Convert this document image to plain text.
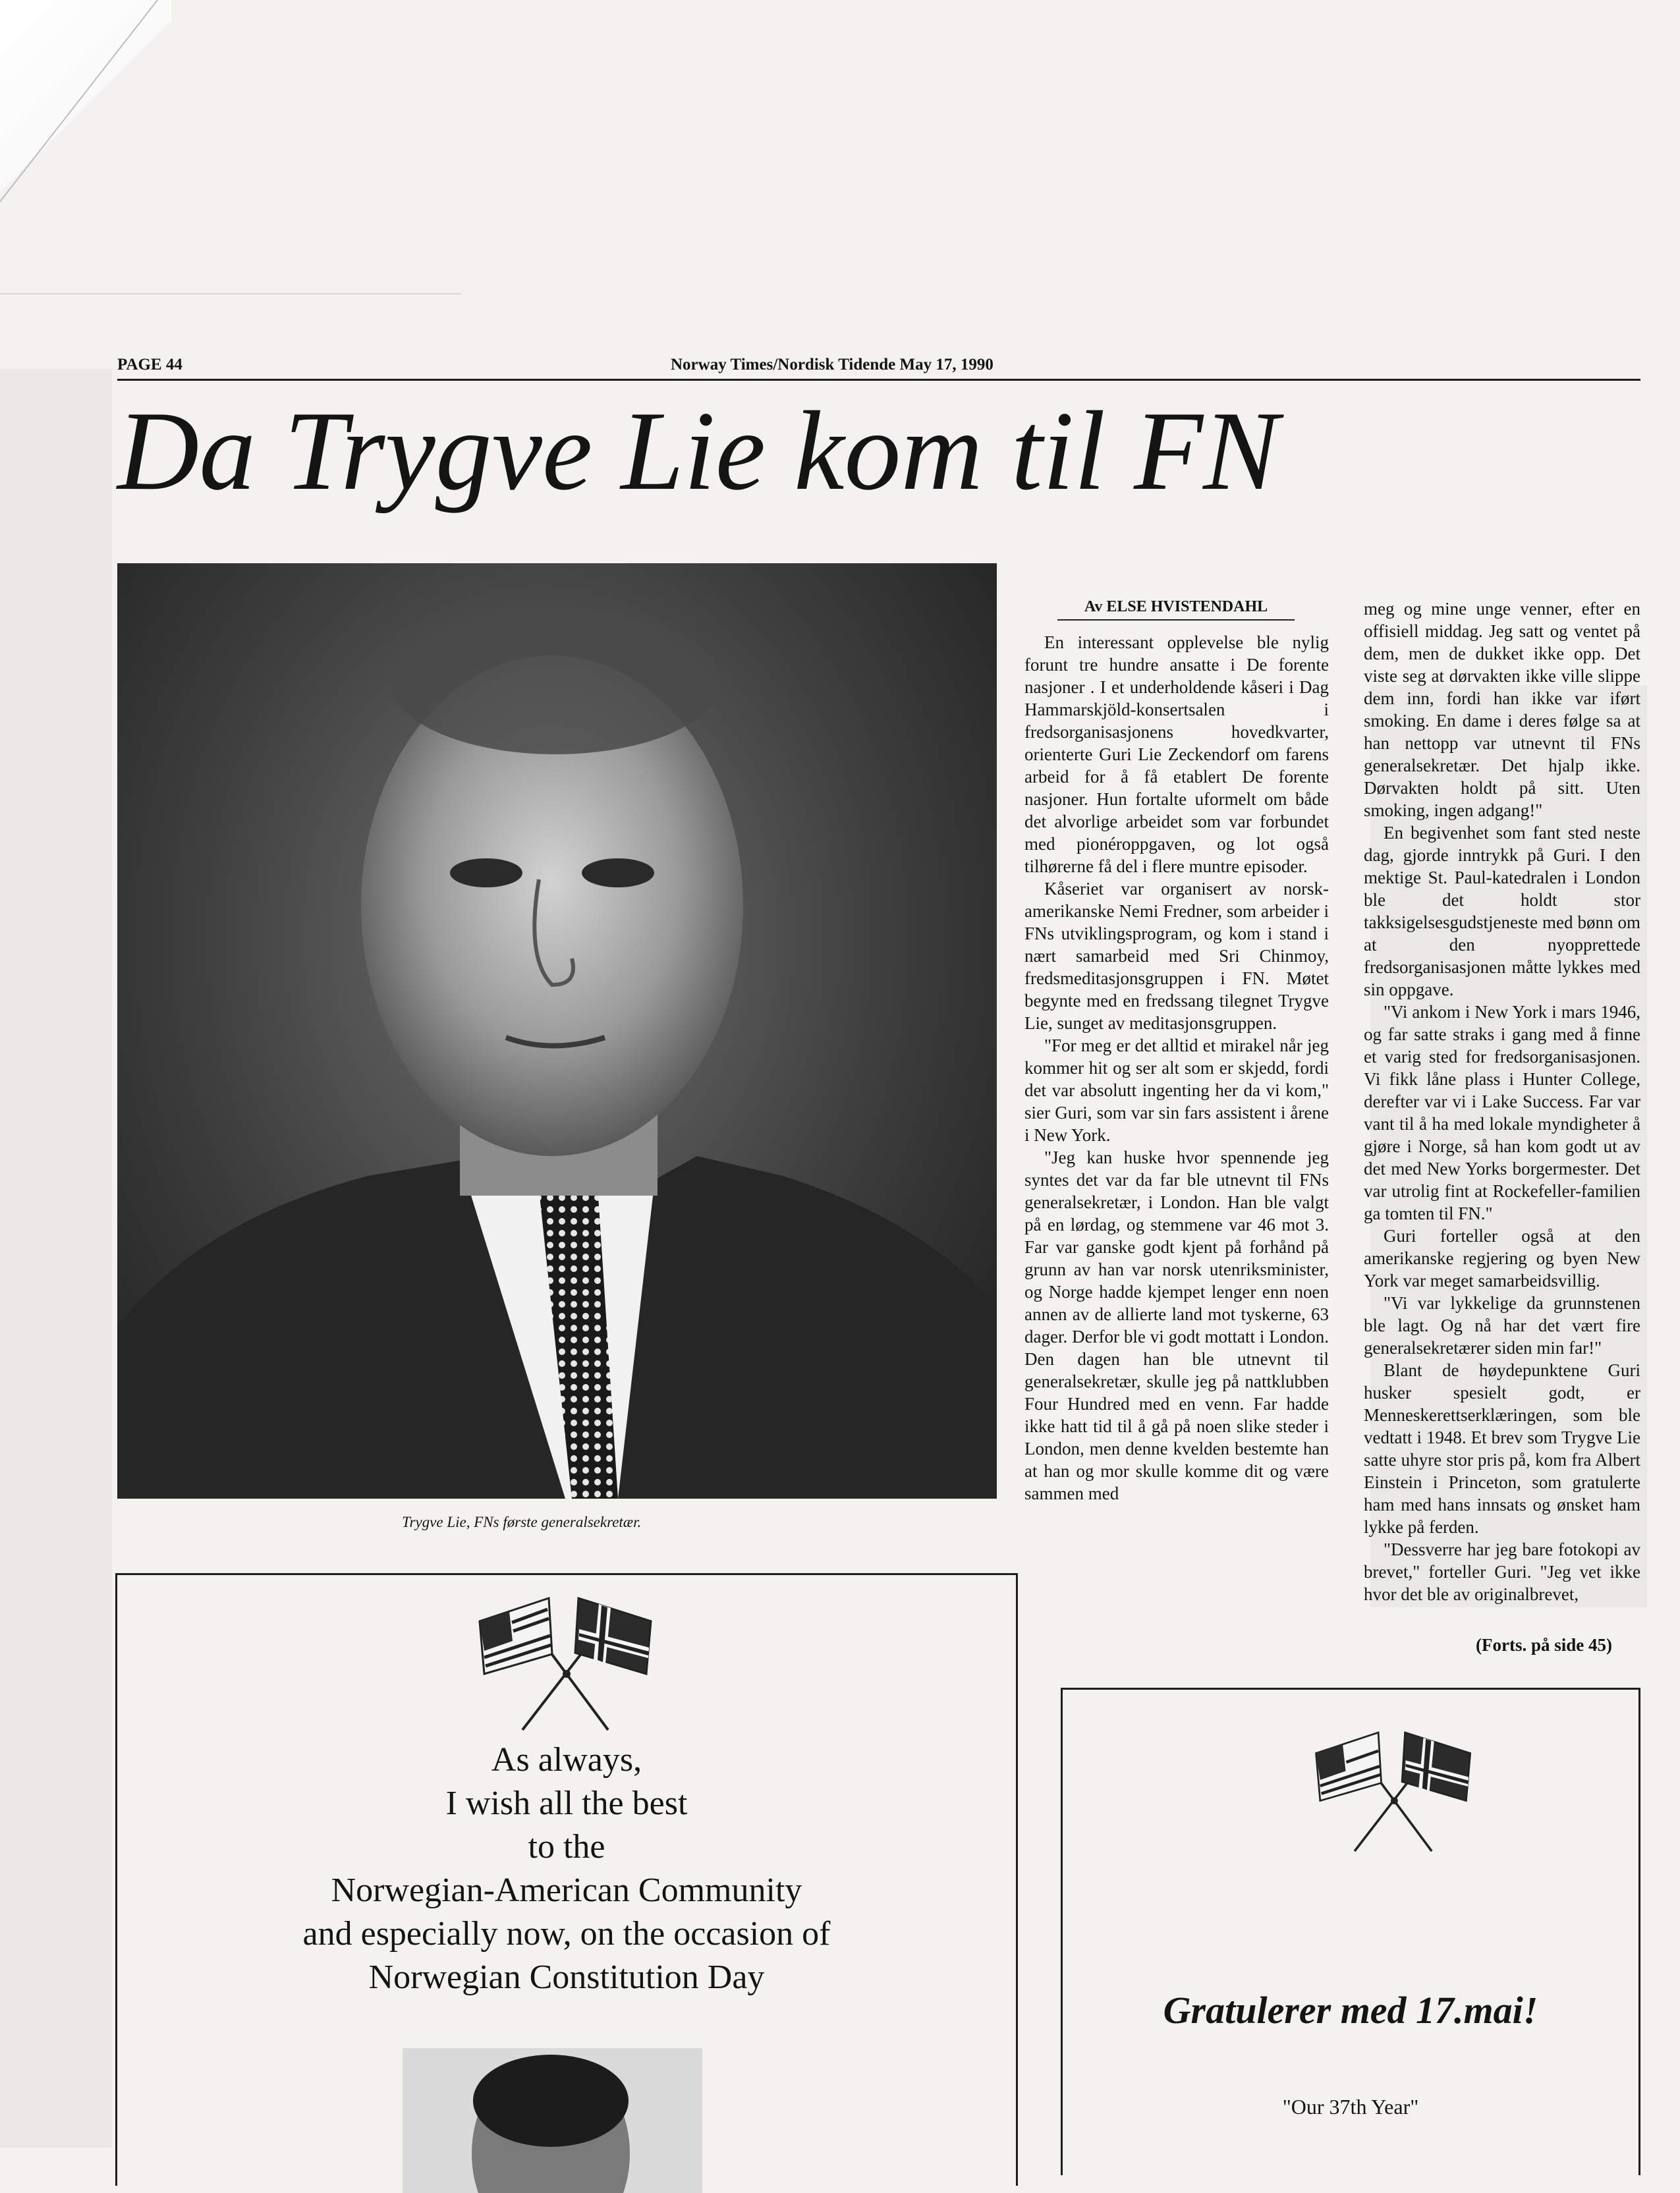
PAGE 44	Norway Times/Nordisk Tidende May 17, 1990
Da Trygve Lie kom til FN
Trygve Lie, FNs første generalsekretær.
Av ELSE HVISTENDAHL

En interessant opplevelse ble nylig forunt tre hundre ansatte i De forente nasjoner . I et underholdende kåseri i Dag Hammarskjöld-konsertsalen i fredsorganisasjonens hovedkvarter, orienterte Guri Lie Zeckendorf om farens arbeid for å få etablert De forente nasjoner. Hun fortalte uformelt om både det alvorlige arbeidet som var forbundet med pionéroppgaven, og lot også tilhørerne få del i flere muntre episoder.

Kåseriet var organisert av norsk-amerikanske Nemi Fredner, som arbeider i FNs utviklingsprogram, og kom i stand i nært samarbeid med Sri Chinmoy, fredsmeditasjonsgruppen i FN. Møtet begynte med en fredssang tilegnet Trygve Lie, sunget av meditasjonsgruppen.

"For meg er det alltid et mirakel når jeg kommer hit og ser alt som er skjedd, fordi det var absolutt ingenting her da vi kom," sier Guri, som var sin fars assistent i årene i New York.

"Jeg kan huske hvor spennende jeg syntes det var da far ble utnevnt til FNs generalsekretær, i London. Han ble valgt på en lørdag, og stemmene var 46 mot 3. Far var ganske godt kjent på forhånd på grunn av han var norsk utenriksminister, og Norge hadde kjempet lenger enn noen annen av de allierte land mot tyskerne, 63 dager. Derfor ble vi godt mottatt i London. Den dagen han ble utnevnt til generalsekretær, skulle jeg på nattklubben Four Hundred med en venn. Far hadde ikke hatt tid til å gå på noen slike steder i London, men denne kvelden bestemte han at han og mor skulle komme dit og være sammen med

meg og mine unge venner, efter en offisiell middag. Jeg satt og ventet på dem, men de dukket ikke opp. Det viste seg at dørvakten ikke ville slippe dem inn, fordi han ikke var iført smoking. En dame i deres følge sa at han nettopp var utnevnt til FNs generalsekretær. Det hjalp ikke. Dørvakten holdt på sitt. Uten smoking, ingen adgang!"

En begivenhet som fant sted neste dag, gjorde inntrykk på Guri. I den mektige St. Paul-katedralen i London ble det holdt stor takksigelsesgudstjeneste med bønn om at den nyopprettede fredsorganisasjonen måtte lykkes med sin oppgave.

"Vi ankom i New York i mars 1946, og far satte straks i gang med å finne et varig sted for fredsorganisasjonen. Vi fikk låne plass i Hunter College, derefter var vi i Lake Success. Far var vant til å ha med lokale myndigheter å gjøre i Norge, så han kom godt ut av det med New Yorks borgermester. Det var utrolig fint at Rockefeller-familien ga tomten til FN."

Guri forteller også at den amerikanske regjering og byen New York var meget samarbeidsvillig.

"Vi var lykkelige da grunnstenen ble lagt. Og nå har det vært fire generalsekretærer siden min far!"

Blant de høydepunktene Guri husker spesielt godt, er Menneskerettserklæringen, som ble vedtatt i 1948. Et brev som Trygve Lie satte uhyre stor pris på, kom fra Albert Einstein i Princeton, som gratulerte ham med hans innsats og ønsket ham lykke på ferden.

"Dessverre har jeg bare fotokopi av brevet," forteller Guri. "Jeg vet ikke hvor det ble av originalbrevet,

(Forts. på side 45)
As always,
I wish all the best
to the
Norwegian-American Community
and especially now, on the occasion of
Norwegian Constitution Day
Gratulerer med 17.mai!
"Our 37th Year"
